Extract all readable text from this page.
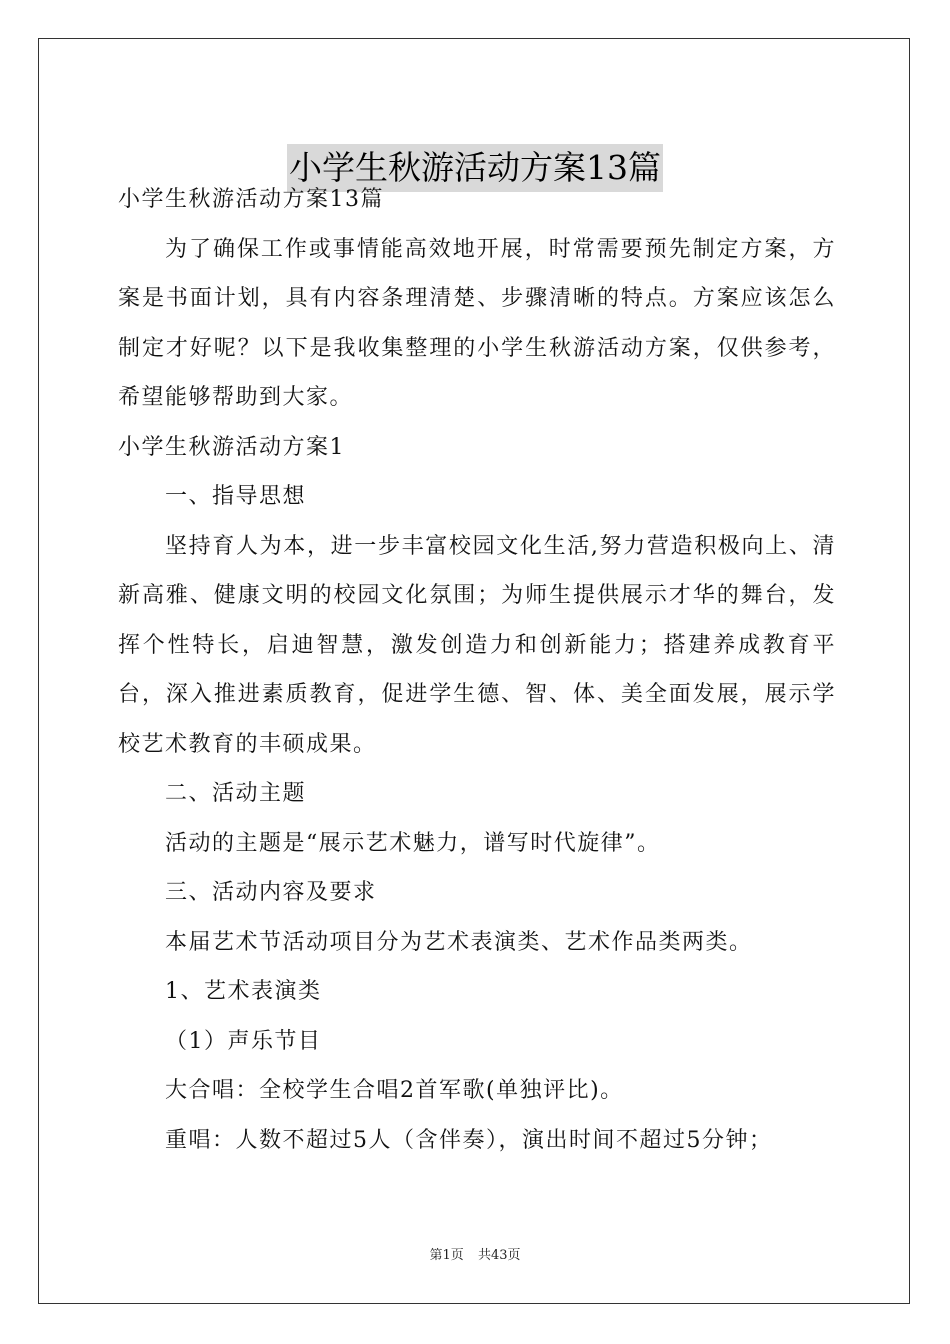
小学生秋游活动方案13篇

小学生秋游活动方案13篇

为了确保工作或事情能高效地开展，时常需要预先制定方案，方案是书面计划，具有内容条理清楚、步骤清晰的特点。方案应该怎么制定才好呢？以下是我收集整理的小学生秋游活动方案，仅供参考，希望能够帮助到大家。

小学生秋游活动方案1

一、指导思想

坚持育人为本，进一步丰富校园文化生活,努力营造积极向上、清新高雅、健康文明的校园文化氛围；为师生提供展示才华的舞台，发挥个性特长，启迪智慧，激发创造力和创新能力；搭建养成教育平台，深入推进素质教育，促进学生德、智、体、美全面发展，展示学校艺术教育的丰硕成果。

二、活动主题

活动的主题是“展示艺术魅力，谱写时代旋律”。

三、活动内容及要求

本届艺术节活动项目分为艺术表演类、艺术作品类两类。

1、艺术表演类

（1）声乐节目

大合唱：全校学生合唱2首军歌(单独评比)。

重唱：人数不超过5人（含伴奏），演出时间不超过5分钟；

第1页 共43页
